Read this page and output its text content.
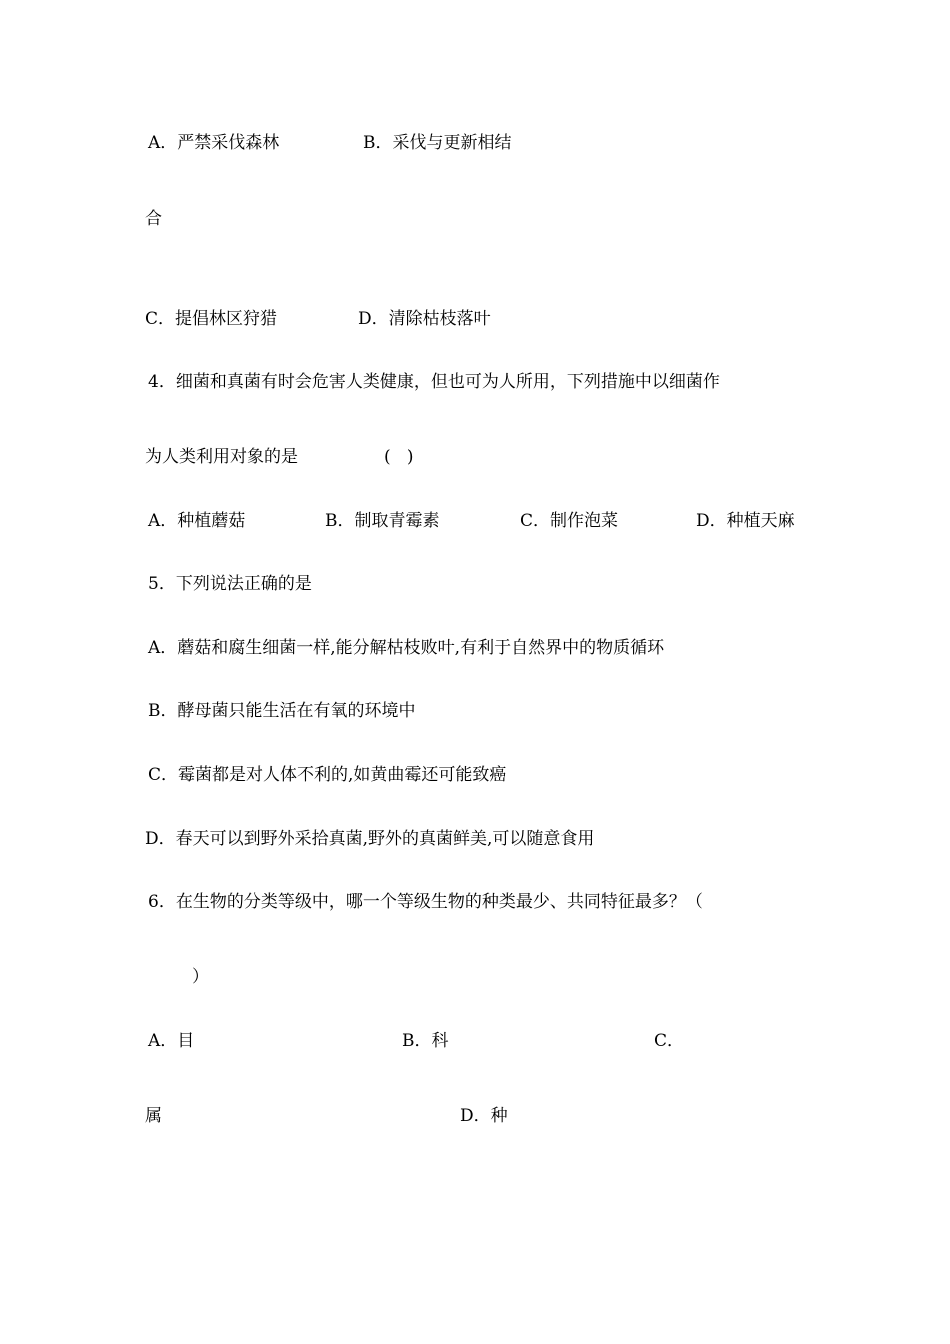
A．严禁采伐森林	B．采伐与更新相结
合
C．提倡林区狩猎	D．清除枯枝落叶
4．细菌和真菌有时会危害人类健康，但也可为人所用，下列措施中以细菌作
为人类利用对象的是	(   )
A．种植蘑菇	B．制取青霉素	C．制作泡菜	D．种植天麻
5．下列说法正确的是
A．蘑菇和腐生细菌一样,能分解枯枝败叶,有利于自然界中的物质循环
B．酵母菌只能生活在有氧的环境中
C．霉菌都是对人体不利的,如黄曲霉还可能致癌
D．春天可以到野外采拾真菌,野外的真菌鲜美,可以随意食用
6．在生物的分类等级中，哪一个等级生物的种类最少、共同特征最多？（
）
A．目	B．科	C．
属	D．种
